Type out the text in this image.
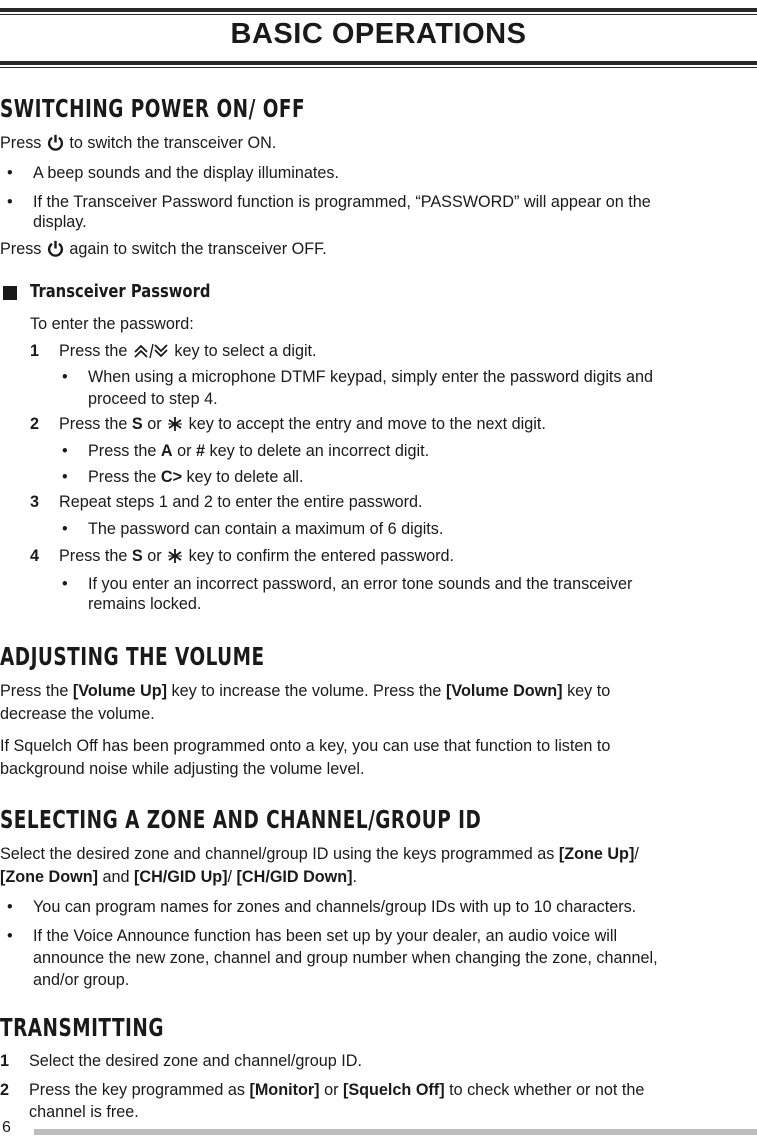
BASIC OPERATIONS
SWITCHING POWER ON/ OFF
Press to switch the transceiver ON.
• A beep sounds and the display illuminates.
• If the Transceiver Password function is programmed, “PASSWORD” will appear on the
display.
Press again to switch the transceiver OFF.
Transceiver Password
To enter the password:
1 Press the	key to select a digit.
• When using a microphone DTMF keypad, simply enter the password digits and
proceed to step 4.
2 Press the S or key to accept the entry and move to the next digit.
• Press the A or # key to delete an incorrect digit.
• Press the C> key to delete all.
3 Repeat steps 1 and 2 to enter the entire password.
• The password can contain a maximum of 6 digits.
4 Press the S or key to confirm the entered password.
• If you enter an incorrect password, an error tone sounds and the transceiver
remains locked.
ADJUSTING THE VOLUME
Press the [Volume Up] key to increase the volume. Press the [Volume Down] key to
decrease the volume.
If Squelch Off has been programmed onto a key, you can use that function to listen to
background noise while adjusting the volume level.
SELECTING A ZONE AND CHANNEL/GROUP ID
Select the desired zone and channel/group ID using the keys programmed as [Zone Up]/
[Zone Down] and [CH/GID Up]/ [CH/GID Down].
• You can program names for zones and channels/group IDs with up to 10 characters.
• If the Voice Announce function has been set up by your dealer, an audio voice will
announce the new zone, channel and group number when changing the zone, channel,
and/or group.
TRANSMITTING
1 Select the desired zone and channel/group ID.
2 Press the key programmed as [Monitor] or [Squelch Off] to check whether or not the
channel is free.
6
